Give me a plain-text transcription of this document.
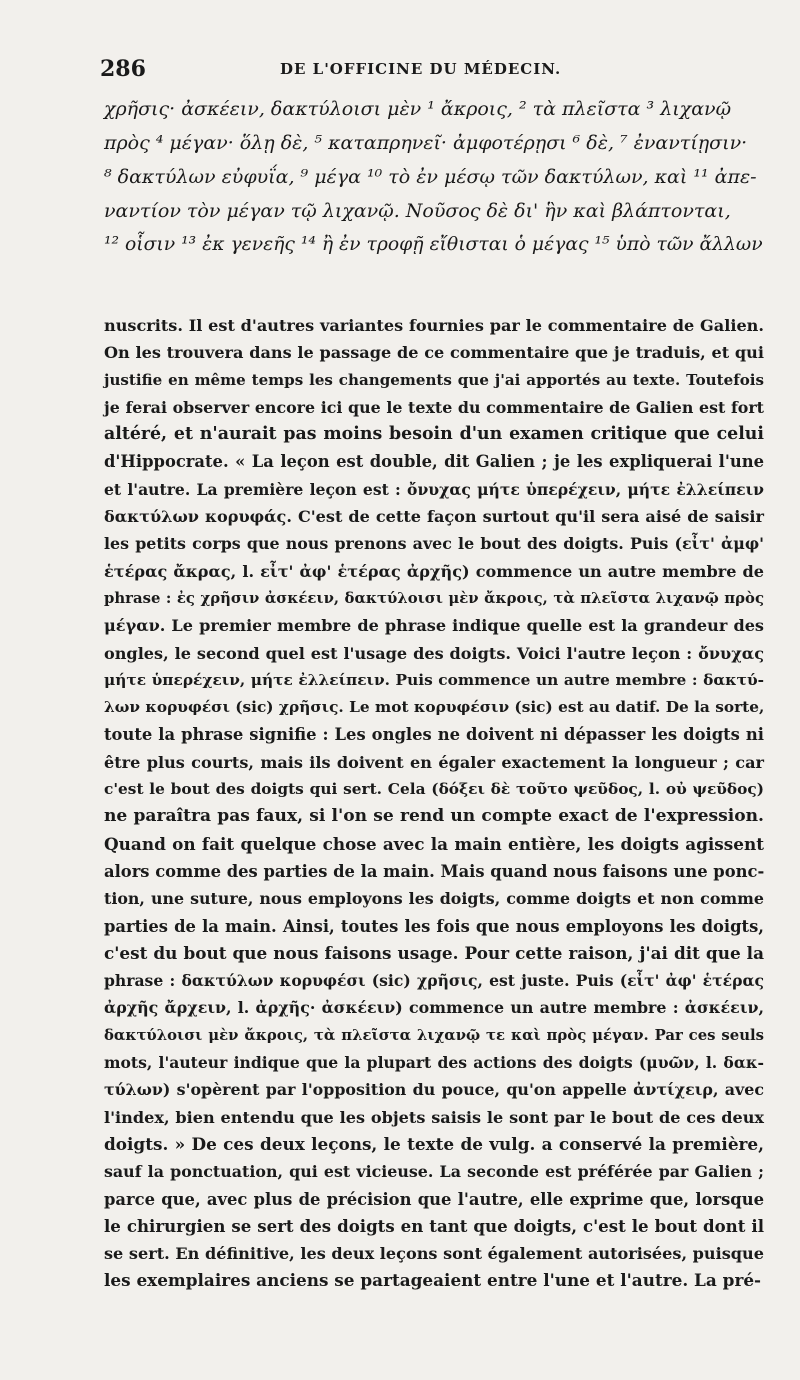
286	DE L'OFFICINE DU MÉDECIN.
χρῆσις· ἀσκέειν, δακτύλοισι μὲν ¹ ἄκροις, ² τὰ πλεῖστα ³ λιχανῷ
πρὸς ⁴ μέγαν· ὅλῃ δὲ, ⁵ καταπρηνεῖ· ἀμφοτέρῃσι ⁶ δὲ, ⁷ ἐναντίῃσιν·
⁸ δακτύλων εὐφυΐα, ⁹ μέγα ¹⁰ τὸ ἐν μέσῳ τῶν δακτύλων, καὶ ¹¹ ἀπε-
ναντίον τὸν μέγαν τῷ λιχανῷ. Νοῦσος δὲ δι' ἣν καὶ βλάπτονται,
¹² οἷσιν ¹³ ἐκ γενεῆς ¹⁴ ἢ ἐν τροφῇ εἴθισται ὁ μέγας ¹⁵ ὑπὸ τῶν ἄλλων
nuscrits. Il est d'autres variantes fournies par le commentaire de Galien.
On les trouvera dans le passage de ce commentaire que je traduis, et qui
justifie en même temps les changements que j'ai apportés au texte. Toutefois
je ferai observer encore ici que le texte du commentaire de Galien est fort
altéré, et n'aurait pas moins besoin d'un examen critique que celui
d'Hippocrate. « La leçon est double, dit Galien ; je les expliquerai l'une
et l'autre. La première leçon est : ὄνυχας μήτε ὑπερέχειν, μήτε ἐλλείπειν
δακτύλων κορυφάς. C'est de cette façon surtout qu'il sera aisé de saisir
les petits corps que nous prenons avec le bout des doigts. Puis (εἶτ' ἀμφ'
ἑτέρας ἄκρας, l. εἶτ' ἀφ' ἑτέρας ἀρχῆς) commence un autre membre de
phrase : ἐς χρῆσιν ἀσκέειν, δακτύλοισι μὲν ἄκροις, τὰ πλεῖστα λιχανῷ πρὸς
μέγαν. Le premier membre de phrase indique quelle est la grandeur des
ongles, le second quel est l'usage des doigts. Voici l'autre leçon : ὄνυχας
μήτε ὑπερέχειν, μήτε ἐλλείπειν. Puis commence un autre membre : δακτύ-
λων κορυφέσι (sic) χρῆσις. Le mot κορυφέσιν (sic) est au datif. De la sorte,
toute la phrase signifie : Les ongles ne doivent ni dépasser les doigts ni
être plus courts, mais ils doivent en égaler exactement la longueur ; car
c'est le bout des doigts qui sert. Cela (δόξει δὲ τοῦτο ψεῦδος, l. οὐ ψεῦδος)
ne paraîtra pas faux, si l'on se rend un compte exact de l'expression.
Quand on fait quelque chose avec la main entière, les doigts agissent
alors comme des parties de la main. Mais quand nous faisons une ponc-
tion, une suture, nous employons les doigts, comme doigts et non comme
parties de la main. Ainsi, toutes les fois que nous employons les doigts,
c'est du bout que nous faisons usage. Pour cette raison, j'ai dit que la
phrase : δακτύλων κορυφέσι (sic) χρῆσις, est juste. Puis (εἶτ' ἀφ' ἑτέρας
ἀρχῆς ἄρχειν, l. ἀρχῆς· ἀσκέειν) commence un autre membre : ἀσκέειν,
δακτύλοισι μὲν ἄκροις, τὰ πλεῖστα λιχανῷ τε καὶ πρὸς μέγαν. Par ces seuls
mots, l'auteur indique que la plupart des actions des doigts (μυῶν, l. δακ-
τύλων) s'opèrent par l'opposition du pouce, qu'on appelle ἀντίχειρ, avec
l'index, bien entendu que les objets saisis le sont par le bout de ces deux
doigts. » De ces deux leçons, le texte de vulg. a conservé la première,
sauf la ponctuation, qui est vicieuse. La seconde est préférée par Galien ;
parce que, avec plus de précision que l'autre, elle exprime que, lorsque
le chirurgien se sert des doigts en tant que doigts, c'est le bout dont il
se sert. En définitive, les deux leçons sont également autorisées, puisque
les exemplaires anciens se partageaient entre l'une et l'autre. La pré-
